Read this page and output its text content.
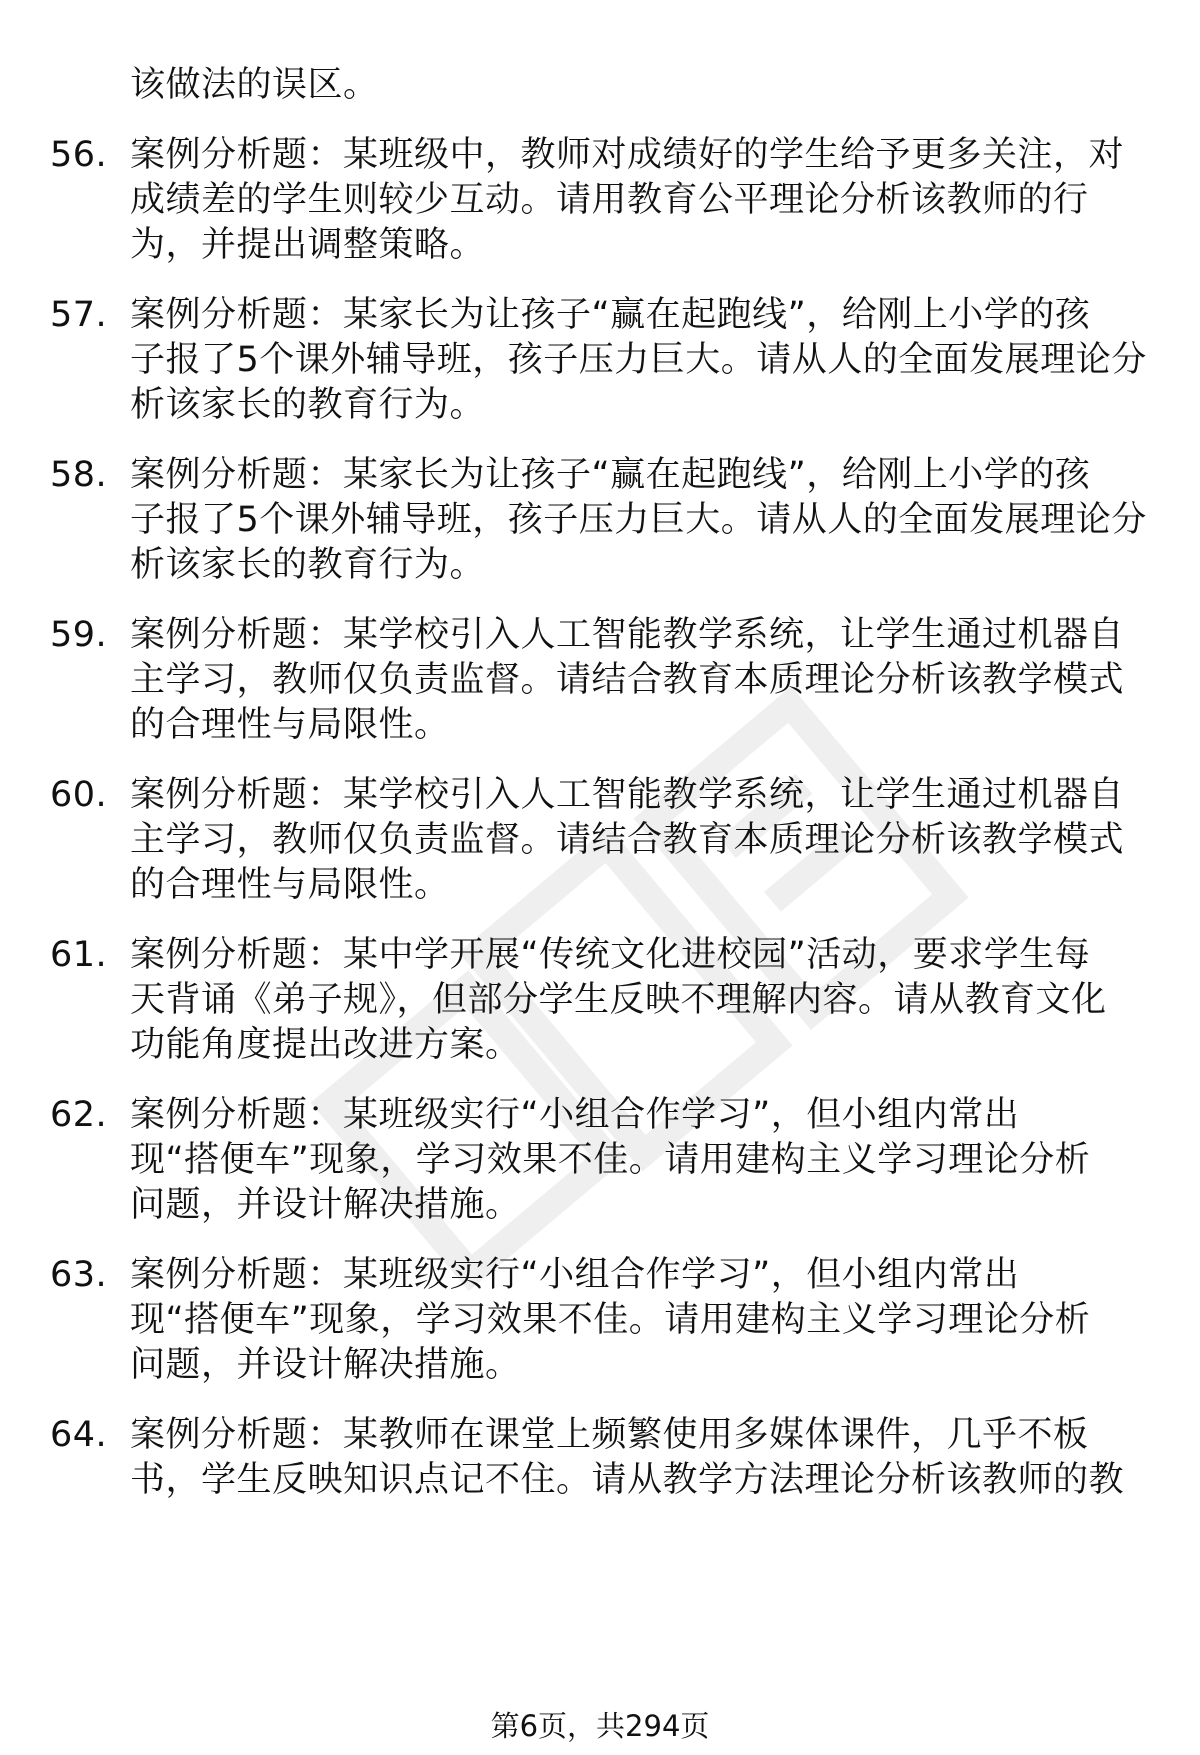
该做法的误区。
56. 案例分析题：某班级中，教师对成绩好的学生给予更多关注，对
成绩差的学生则较少互动。请用教育公平理论分析该教师的行
为，并提出调整策略。
57. 案例分析题：某家长为让孩子“赢在起跑线”，给刚上小学的孩
子报了5个课外辅导班，孩子压力巨大。请从人的全面发展理论分
析该家长的教育行为。
58. 案例分析题：某家长为让孩子“赢在起跑线”，给刚上小学的孩
子报了5个课外辅导班，孩子压力巨大。请从人的全面发展理论分
析该家长的教育行为。
59. 案例分析题：某学校引入人工智能教学系统，让学生通过机器自
主学习，教师仅负责监督。请结合教育本质理论分析该教学模式
的合理性与局限性。
60. 案例分析题：某学校引入人工智能教学系统，让学生通过机器自
主学习，教师仅负责监督。请结合教育本质理论分析该教学模式
的合理性与局限性。
61. 案例分析题：某中学开展“传统文化进校园”活动，要求学生每
天背诵《弟子规》，但部分学生反映不理解内容。请从教育文化
功能角度提出改进方案。
62. 案例分析题：某班级实行“小组合作学习”，但小组内常出
现“搭便车”现象，学习效果不佳。请用建构主义学习理论分析
问题，并设计解决措施。
63. 案例分析题：某班级实行“小组合作学习”，但小组内常出
现“搭便车”现象，学习效果不佳。请用建构主义学习理论分析
问题，并设计解决措施。
64. 案例分析题：某教师在课堂上频繁使用多媒体课件，几乎不板
书，学生反映知识点记不住。请从教学方法理论分析该教师的教
第6页，共294页
